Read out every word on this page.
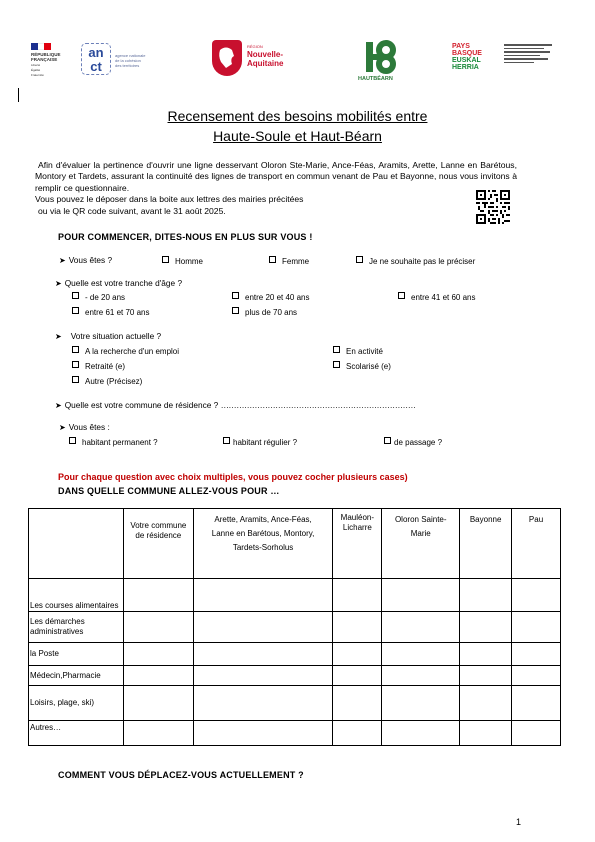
RÉPUBLIQUE
FRANÇAISE
Liberté
Égalité
Fraternité
an
ct
agence nationale
de la cohésion
des territoires
RÉGION
Nouvelle-
Aquitaine
HAUTBÉARN
PAYS
BASQUE
EUSKAL
HERRIA
Recensement des besoins mobilités entre
Haute-Soule et Haut-Béarn
Afin d'évaluer la pertinence d'ouvrir une ligne desservant Oloron Ste-Marie, Ance-Féas, Aramits, Arette, Lanne en Barétous, Montory et Tardets, assurant la continuité des lignes de transport en commun venant de Pau et Bayonne, nous vous invitons à remplir ce questionnaire.
Vous pouvez le déposer dans la boite aux lettres des mairies précitées
ou via le QR code suivant, avant le 31 août 2025.
POUR COMMENCER, DITES-NOUS EN PLUS SUR VOUS !
➤ Vous êtes ?	Homme	Femme	Je ne souhaite pas le préciser
➤ Quelle est votre tranche d'âge ?
- de 20 ans	entre 20 et 40 ans	entre 41 et 60 ans
entre 61 et 70 ans	plus de 70 ans
➤ Votre situation actuelle ?
A la recherche d'un emploi	En activité
Retraité (e)	Scolarisé (e)
Autre (Précisez)
➤ Quelle est votre commune de résidence ? …………………………………………………………………
➤ Vous êtes :
habitant permanent ?	habitant régulier ?	de passage ?
Pour chaque question avec choix multiples, vous pouvez cocher plusieurs cases)
DANS QUELLE COMMUNE ALLEZ-VOUS POUR …
	Votre commune de résidence	Arette, Aramits, Ance-Féas, Lanne en Barétous, Montory, Tardets-Sorholus	Mauléon-Licharre	Oloron Sainte-Marie	Bayonne	Pau
Les courses alimentaires						
Les démarches administratives						
la Poste						
Médecin,Pharmacie						
Loisirs, plage, ski)						
Autres…						
COMMENT VOUS DÉPLACEZ-VOUS ACTUELLEMENT ?
1
